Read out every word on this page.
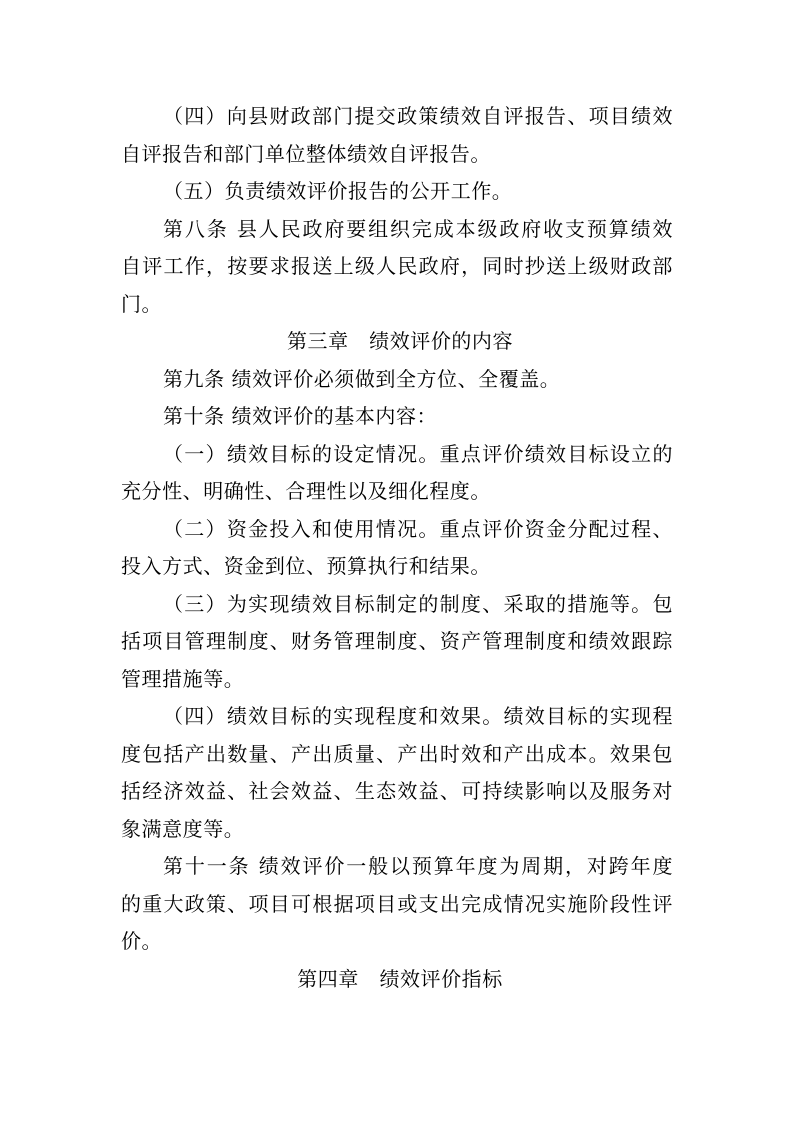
（四）向县财政部门提交政策绩效自评报告、项目绩效
自评报告和部门单位整体绩效自评报告。
（五）负责绩效评价报告的公开工作。
第八条 县人民政府要组织完成本级政府收支预算绩效
自评工作，按要求报送上级人民政府，同时抄送上级财政部
门。
第三章　绩效评价的内容
第九条 绩效评价必须做到全方位、全覆盖。
第十条 绩效评价的基本内容：
（一）绩效目标的设定情况。重点评价绩效目标设立的
充分性、明确性、合理性以及细化程度。
（二）资金投入和使用情况。重点评价资金分配过程、
投入方式、资金到位、预算执行和结果。
（三）为实现绩效目标制定的制度、采取的措施等。包
括项目管理制度、财务管理制度、资产管理制度和绩效跟踪
管理措施等。
（四）绩效目标的实现程度和效果。绩效目标的实现程
度包括产出数量、产出质量、产出时效和产出成本。效果包
括经济效益、社会效益、生态效益、可持续影响以及服务对
象满意度等。
第十一条 绩效评价一般以预算年度为周期，对跨年度
的重大政策、项目可根据项目或支出完成情况实施阶段性评
价。
第四章　绩效评价指标
